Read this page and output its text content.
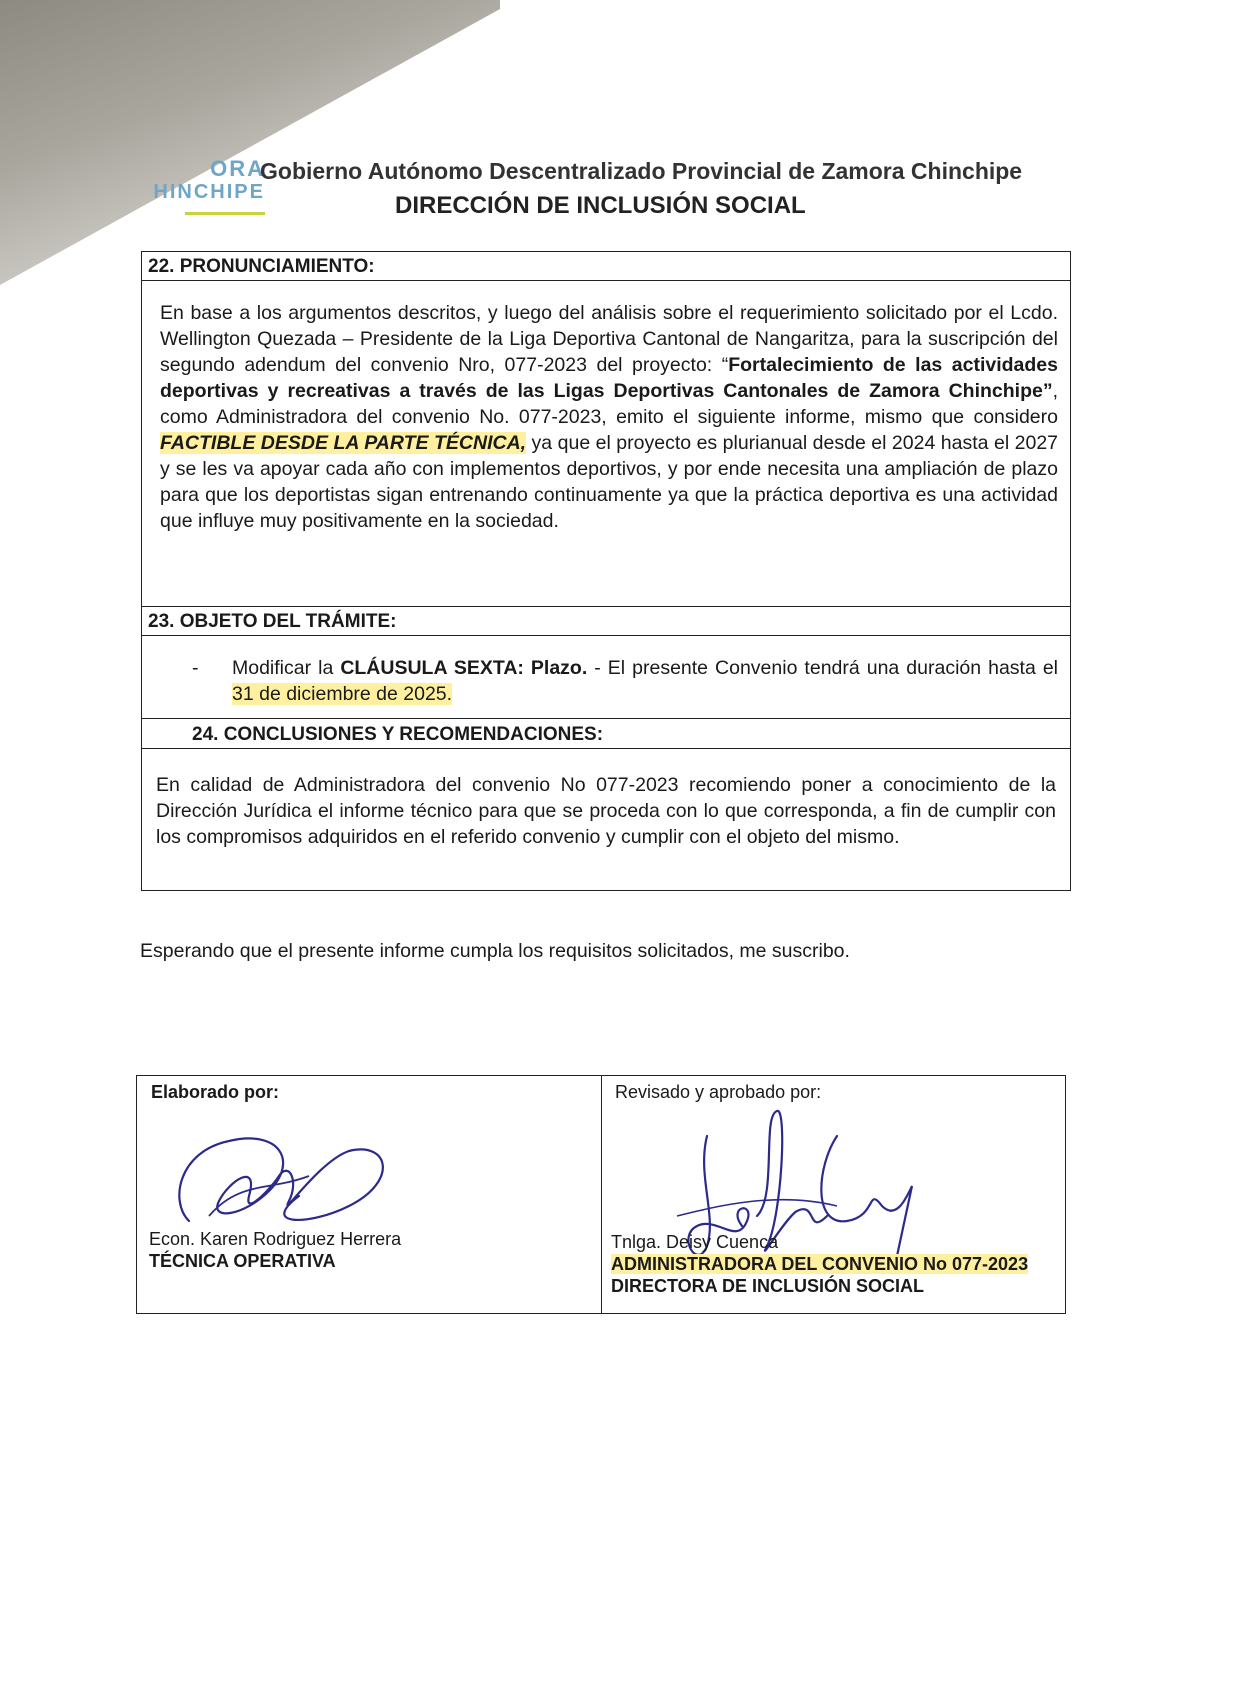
ORA
HINCHIPE
Gobierno Autónomo Descentralizado Provincial de Zamora Chinchipe
DIRECCIÓN DE INCLUSIÓN SOCIAL
22. PRONUNCIAMIENTO:
En base a los argumentos descritos, y luego del análisis sobre el requerimiento solicitado por el Lcdo. Wellington Quezada – Presidente de la Liga Deportiva Cantonal de Nangaritza, para la suscripción del segundo adendum del convenio Nro, 077-2023 del proyecto: “Fortalecimiento de las actividades deportivas y recreativas a través de las Ligas Deportivas Cantonales de Zamora Chinchipe”, como Administradora del convenio No. 077-2023, emito el siguiente informe, mismo que considero FACTIBLE DESDE LA PARTE TÉCNICA, ya que el proyecto es plurianual desde el 2024 hasta el 2027 y se les va apoyar cada año con implementos deportivos, y por ende necesita una ampliación de plazo para que los deportistas sigan entrenando continuamente ya que la práctica deportiva es una actividad que influye muy positivamente en la sociedad.
23. OBJETO DEL TRÁMITE:
-	Modificar la CLÁUSULA SEXTA: Plazo. - El presente Convenio tendrá una duración hasta el 31 de diciembre de 2025.
24. CONCLUSIONES Y RECOMENDACIONES:
En calidad de Administradora del convenio No 077-2023 recomiendo poner a conocimiento de la Dirección Jurídica el informe técnico para que se proceda con lo que corresponda, a fin de cumplir con los compromisos adquiridos en el referido convenio y cumplir con el objeto del mismo.
Esperando que el presente informe cumpla los requisitos solicitados, me suscribo.
Elaborado por:
Econ. Karen Rodriguez Herrera
TÉCNICA OPERATIVA
Revisado y aprobado por:
Tnlga. Deisy Cuenca
ADMINISTRADORA DEL CONVENIO No 077-2023
DIRECTORA DE INCLUSIÓN SOCIAL
